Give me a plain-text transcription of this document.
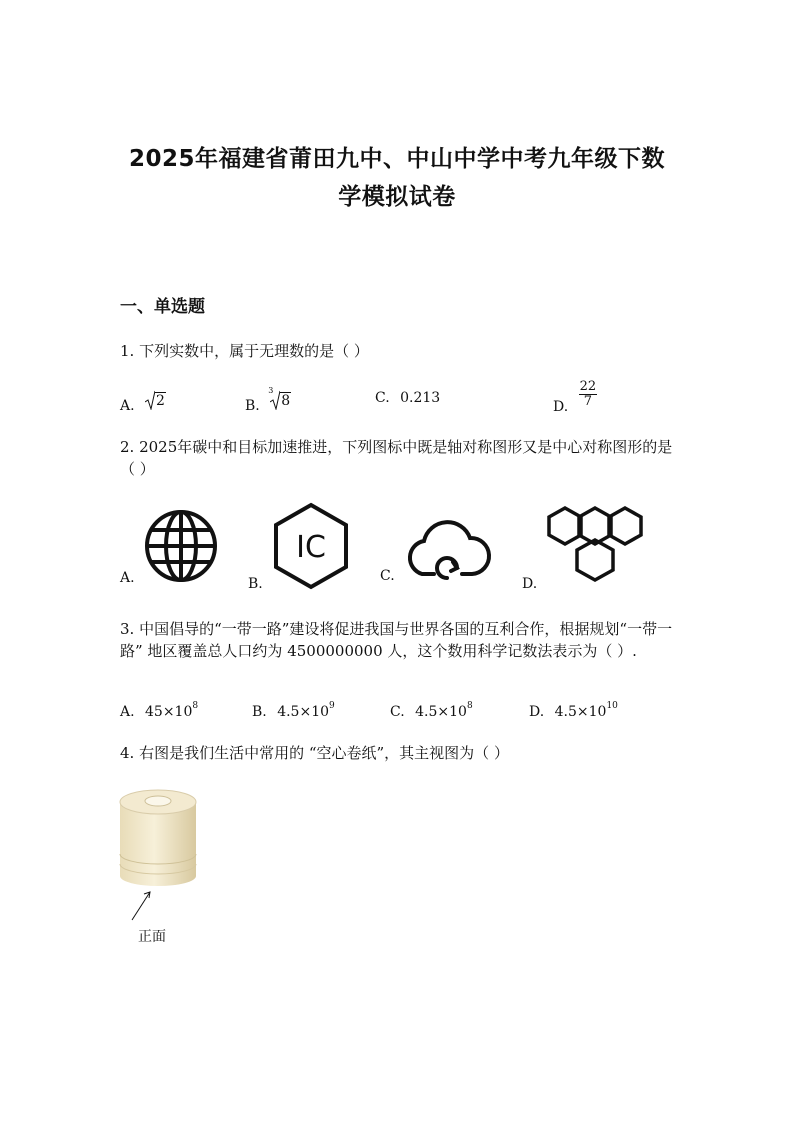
2025年福建省莆田九中、中山中学中考九年级下数
学模拟试卷
一、单选题
1. 下列实数中，属于无理数的是（ ）
A. 2	B.
3
8	C. 0.213
D. $\frac{22}{7}$
2. 2025年碳中和目标加速推进，下列图标中既是轴对称图形又是中心对称图形的是（ ）
A.
IC
B.	C.	D.
3. 中国倡导的“一带一路”建设将促进我国与世界各国的互利合作，根据规划“一带一路” 地区覆盖总人口约为 4500000000 人，这个数用科学记数法表示为（ ）.
A. $45\times 10^8$	B. $4.5\times 10^9$	C. $4.5\times 10^8$	D. $4.5\times 10^{10}$
4. 右图是我们生活中常用的 “空心卷纸”，其主视图为（ ）
正面
